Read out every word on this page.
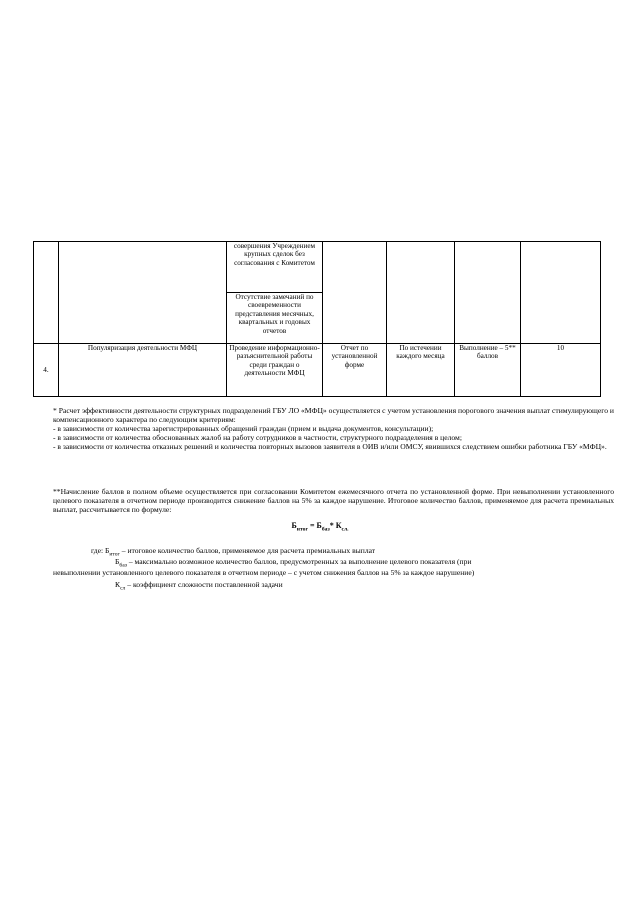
		совершения Учреждением крупных сделок без согласования с Комитетом				
		Отсутствие замечаний по своевременности представления месячных, квартальных и годовых отчетов				
4.	Популяризация деятельности МФЦ	Проведение информационно-разъяснительной работы среди граждан о деятельности МФЦ	Отчет по установленной форме	По истечении каждого месяца	Выполнение – 5** баллов	10

* Расчет эффективности деятельности структурных подразделений ГБУ ЛО «МФЦ» осуществляется с учетом установления порогового значения выплат стимулирующего и компенсационного характера по следующим критериям:

- в зависимости от количества зарегистрированных обращений граждан (прием и выдача документов, консультации);

- в зависимости от количества обоснованных жалоб на работу сотрудников в частности, структурного подразделения в целом;

- в зависимости от количества отказных решений и количества повторных вызовов заявителя в ОИВ и/или ОМСУ, явившихся следствием ошибки работника ГБУ «МФЦ».

**Начисление баллов в полном объеме осуществляется при согласовании Комитетом ежемесячного отчета по установленной форме. При невыполнении установленного целевого показателя в отчетном периоде производится снижение баллов на 5% за каждое нарушение. Итоговое количество баллов, применяемое для расчета премиальных выплат, рассчитывается по формуле:

$Б_{итог} = Б_{баз}*$ $К_{сл.}$
где: $Б_{итог}$ – итоговое количество баллов, применяемое для расчета премиальных выплат
$Б_{баз}$ – максимально возможное количество баллов, предусмотренных за выполнение целевого показателя (при
невыполнении установленного целевого показателя в отчетном периоде – с учетом снижения баллов на 5% за каждое нарушение)
$К_{сл}$ – коэффициент сложности поставленной задачи
